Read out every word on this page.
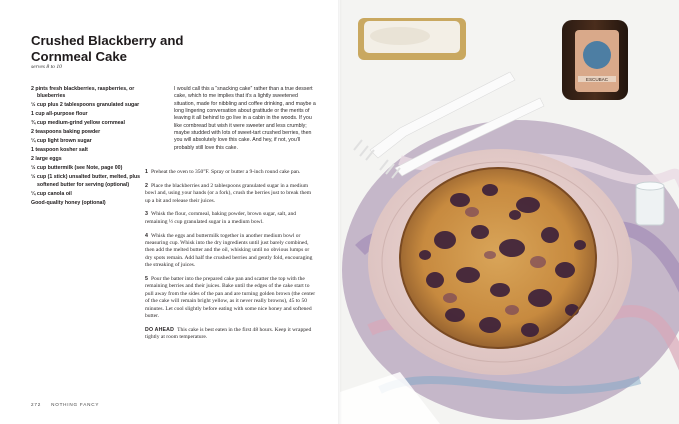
Crushed Blackberry and Cornmeal Cake
serves 8 to 10
2 pints fresh blackberries, raspberries, or blueberries
½ cup plus 2 tablespoons granulated sugar
1 cup all-purpose flour
¾ cup medium-grind yellow cornmeal
2 teaspoons baking powder
¼ cup light brown sugar
1 teaspoon kosher salt
2 large eggs
½ cup buttermilk (see Note, page 00)
½ cup (1 stick) unsalted butter, melted, plus softened butter for serving (optional)
¼ cup canola oil
Good-quality honey (optional)

I would call this a “snacking cake” rather than a true dessert cake, which to me implies that it’s a lightly sweetened situation, made for nibbling and coffee drinking, and maybe a long lingering conversation about gratitude or the merits of leaving it all behind to go live in a cabin in the woods. If you like cornbread but wish it were sweeter and less crumbly; maybe studded with lots of sweet-tart crushed berries, then you will absolutely love this cake. And hey, if not, you’ll probably still love this cake.

1 Preheat the oven to 350°F. Spray or butter a 9-inch round cake pan.
2 Place the blackberries and 2 tablespoons granulated sugar in a medium bowl and, using your hands (or a fork), crush the berries just to break them up a bit and release their juices.
3 Whisk the flour, cornmeal, baking powder, brown sugar, salt, and remaining ½ cup granulated sugar in a medium bowl.
4 Whisk the eggs and buttermilk together in another medium bowl or measuring cup. Whisk into the dry ingredients until just barely combined, then add the melted butter and the oil, whisking until no obvious lumps or dry spots remain. Add half the crushed berries and gently fold, encouraging the streaking of juices.
5 Pour the batter into the prepared cake pan and scatter the top with the remaining berries and their juices. Bake until the edges of the cake start to pull away from the sides of the pan and are turning golden brown (the center of the cake will remain bright yellow, as it never really browns), 45 to 50 minutes. Let cool slightly before eating with some nice honey and softened butter.
DO AHEAD This cake is best eaten in the first 48 hours. Keep it wrapped tightly at room temperature.
272 NOTHING FANCY
ESCUBAC
